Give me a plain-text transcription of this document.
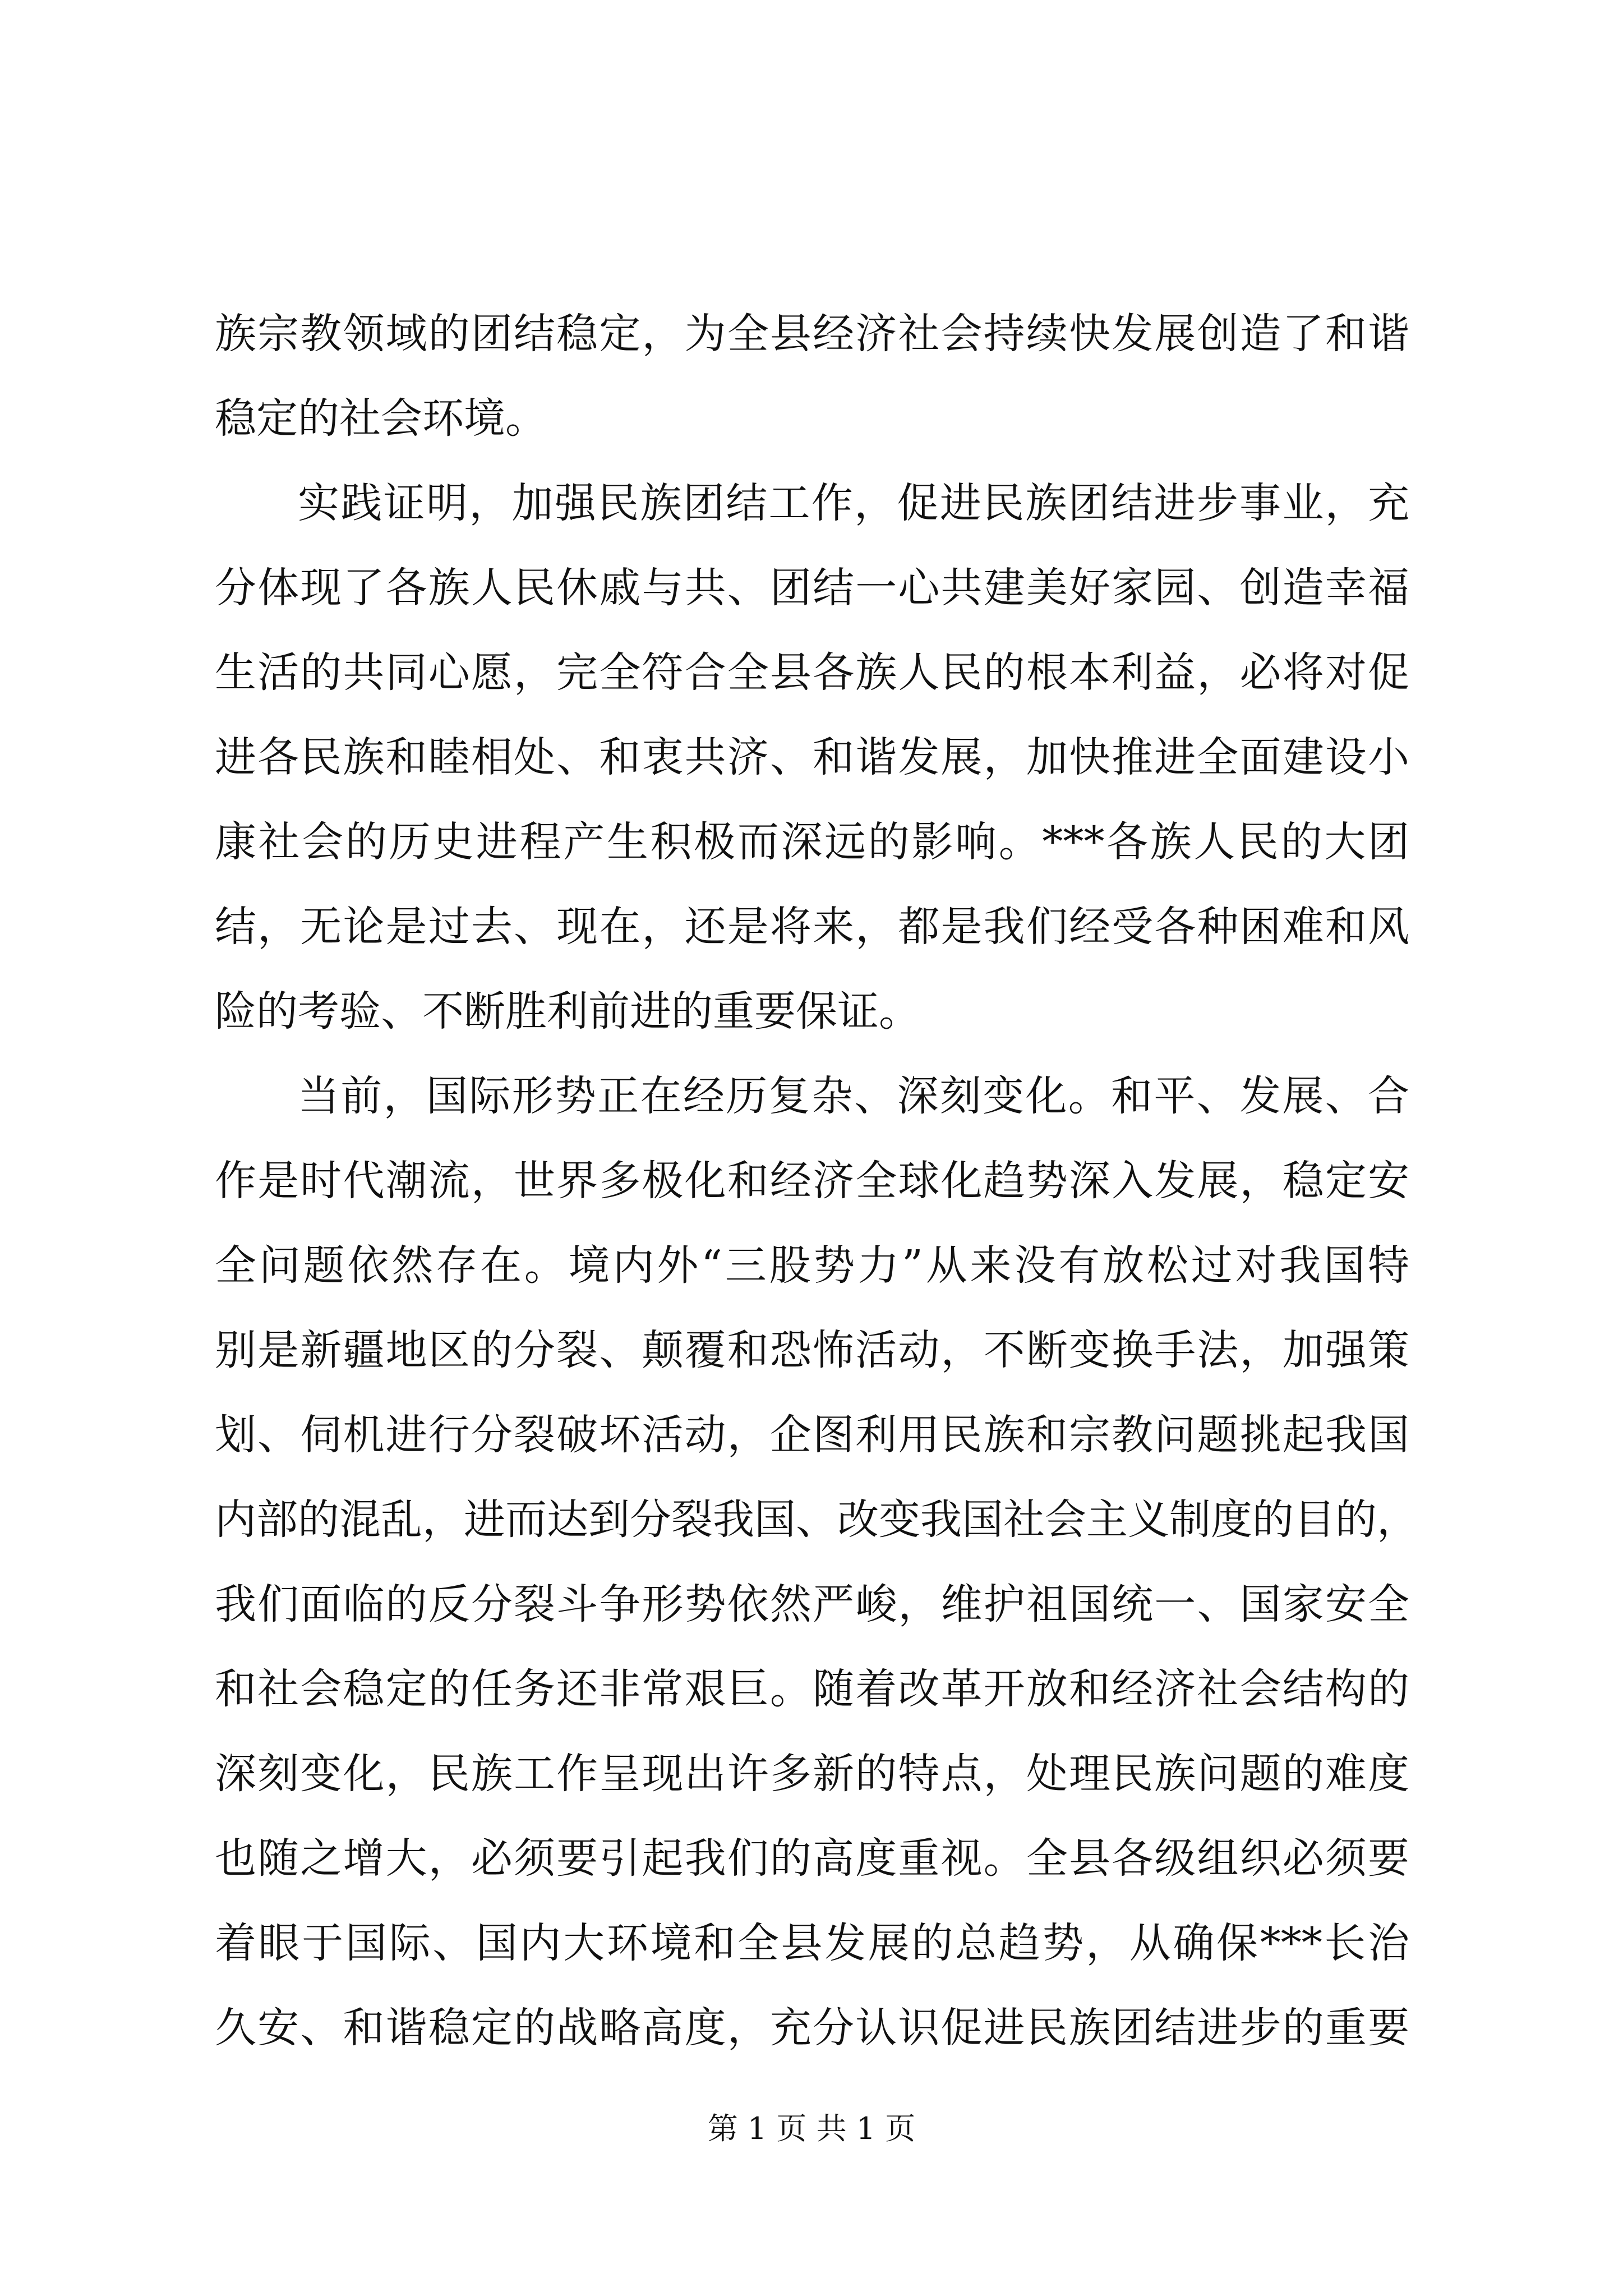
族宗教领域的团结稳定，为全县经济社会持续快发展创造了和谐
稳定的社会环境。
实践证明，加强民族团结工作，促进民族团结进步事业，充
分体现了各族人民休戚与共、团结一心共建美好家园、创造幸福
生活的共同心愿，完全符合全县各族人民的根本利益，必将对促
进各民族和睦相处、和衷共济、和谐发展，加快推进全面建设小
康社会的历史进程产生积极而深远的影响。***各族人民的大团
结，无论是过去、现在，还是将来，都是我们经受各种困难和风
险的考验、不断胜利前进的重要保证。
当前，国际形势正在经历复杂、深刻变化。和平、发展、合
作是时代潮流，世界多极化和经济全球化趋势深入发展，稳定安
全问题依然存在。境内外“三股势力”从来没有放松过对我国特
别是新疆地区的分裂、颠覆和恐怖活动，不断变换手法，加强策
划、伺机进行分裂破坏活动，企图利用民族和宗教问题挑起我国
内部的混乱，进而达到分裂我国、改变我国社会主义制度的目的，
我们面临的反分裂斗争形势依然严峻，维护祖国统一、国家安全
和社会稳定的任务还非常艰巨。随着改革开放和经济社会结构的
深刻变化，民族工作呈现出许多新的特点，处理民族问题的难度
也随之增大，必须要引起我们的高度重视。全县各级组织必须要
着眼于国际、国内大环境和全县发展的总趋势，从确保***长治
久安、和谐稳定的战略高度，充分认识促进民族团结进步的重要
第 1 页 共 1 页
